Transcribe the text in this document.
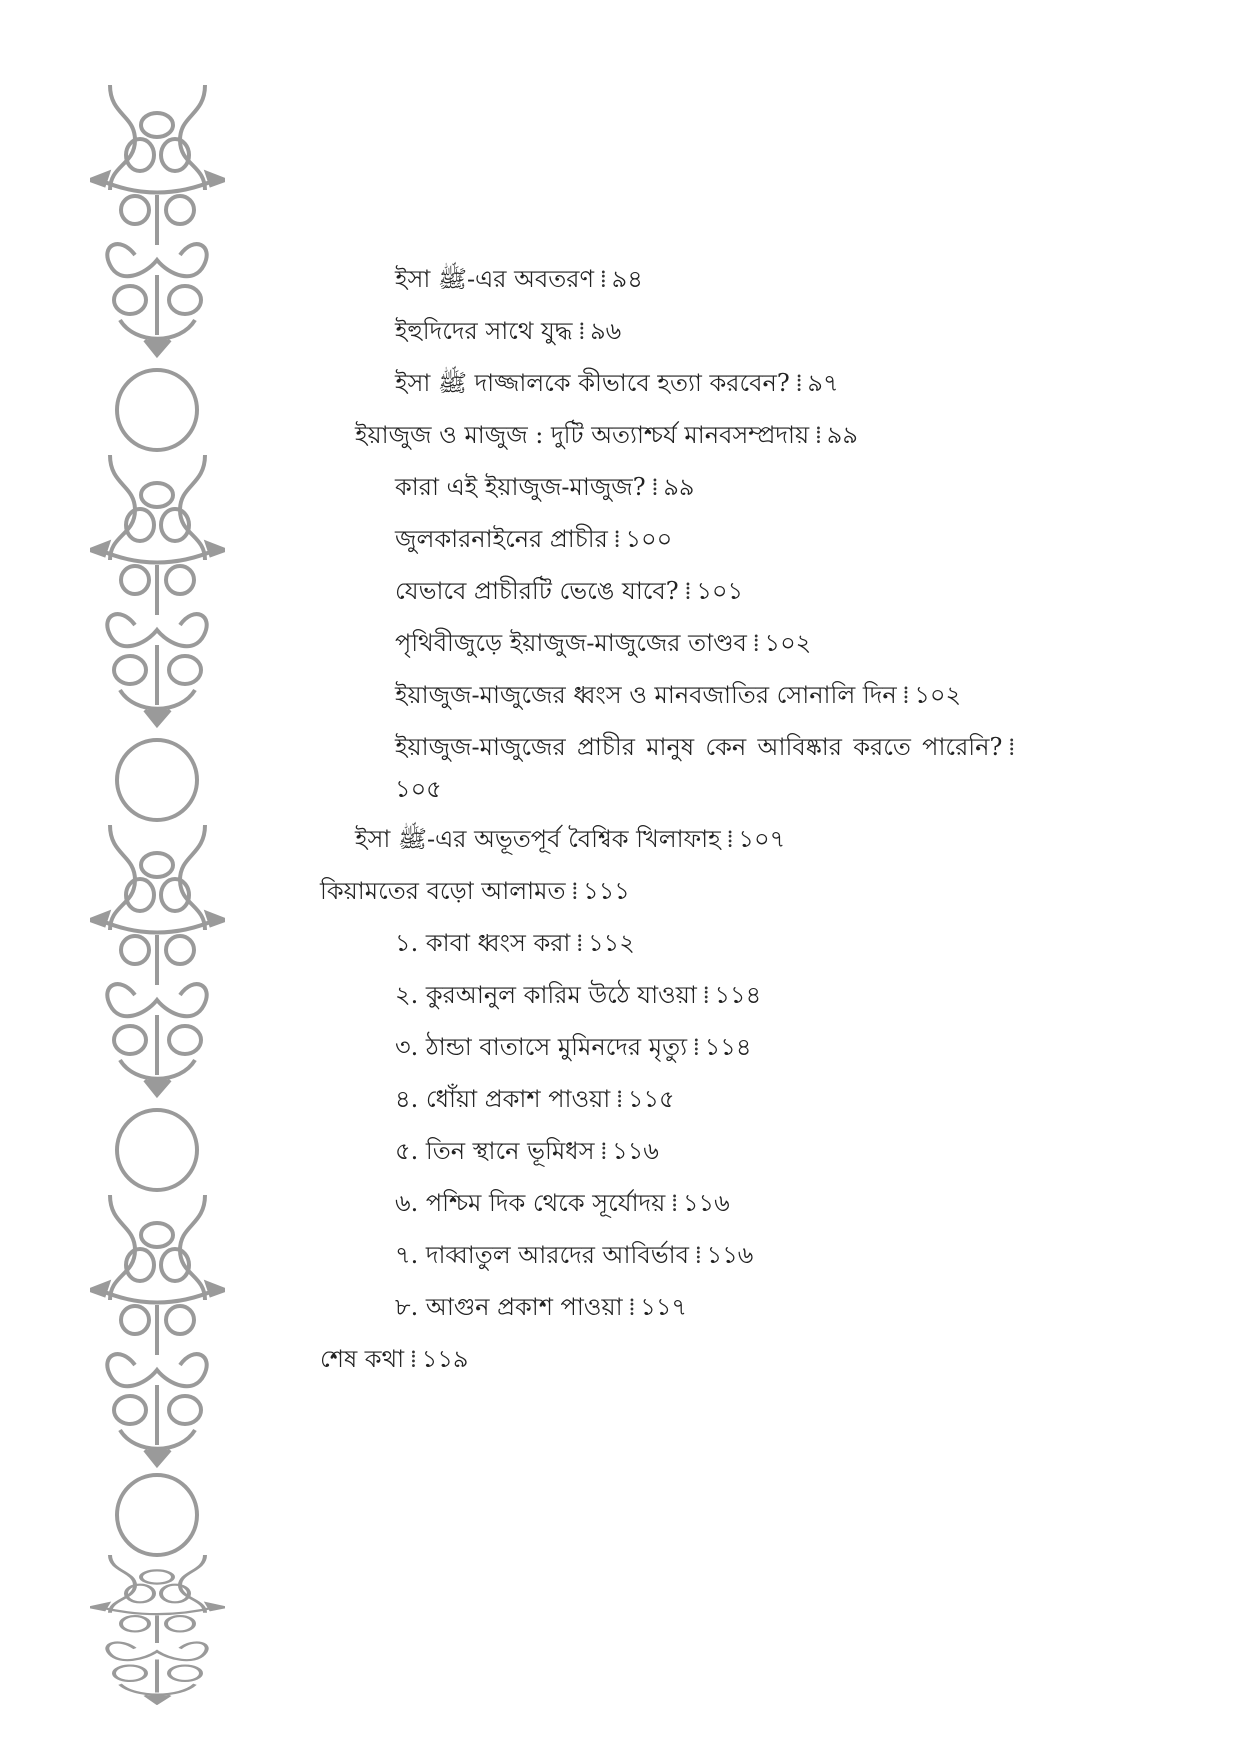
ইসা ﷺ-এর অবতরণ ⁞ ৯৪
ইহুদিদের সাথে যুদ্ধ ⁞ ৯৬
ইসা ﷺ দাজ্জালকে কীভাবে হত্যা করবেন? ⁞ ৯৭
ইয়াজুজ ও মাজুজ : দুটি অত্যাশ্চর্য মানবসম্প্রদায় ⁞ ৯৯
কারা এই ইয়াজুজ-মাজুজ? ⁞ ৯৯
জুলকারনাইনের প্রাচীর ⁞ ১০০
যেভাবে প্রাচীরটি ভেঙে যাবে? ⁞ ১০১
পৃথিবীজুড়ে ইয়াজুজ-মাজুজের তাণ্ডব ⁞ ১০২
ইয়াজুজ-মাজুজের ধ্বংস ও মানবজাতির সোনালি দিন ⁞ ১০২
ইয়াজুজ-মাজুজের প্রাচীর মানুষ কেন আবিষ্কার করতে পারেনি? ⁞১০৫
ইসা ﷺ-এর অভূতপূর্ব বৈশ্বিক খিলাফাহ ⁞ ১০৭
কিয়ামতের বড়ো আলামত ⁞ ১১১
১. কাবা ধ্বংস করা ⁞ ১১২
২. কুরআনুল কারিম উঠে যাওয়া ⁞ ১১৪
৩. ঠান্ডা বাতাসে মুমিনদের মৃত্যু ⁞ ১১৪
৪. ধোঁয়া প্রকাশ পাওয়া ⁞ ১১৫
৫. তিন স্থানে ভূমিধস ⁞ ১১৬
৬. পশ্চিম দিক থেকে সূর্যোদয় ⁞ ১১৬
৭. দাব্বাতুল আরদের আবির্ভাব ⁞ ১১৬
৮. আগুন প্রকাশ পাওয়া ⁞ ১১৭
শেষ কথা ⁞ ১১৯
